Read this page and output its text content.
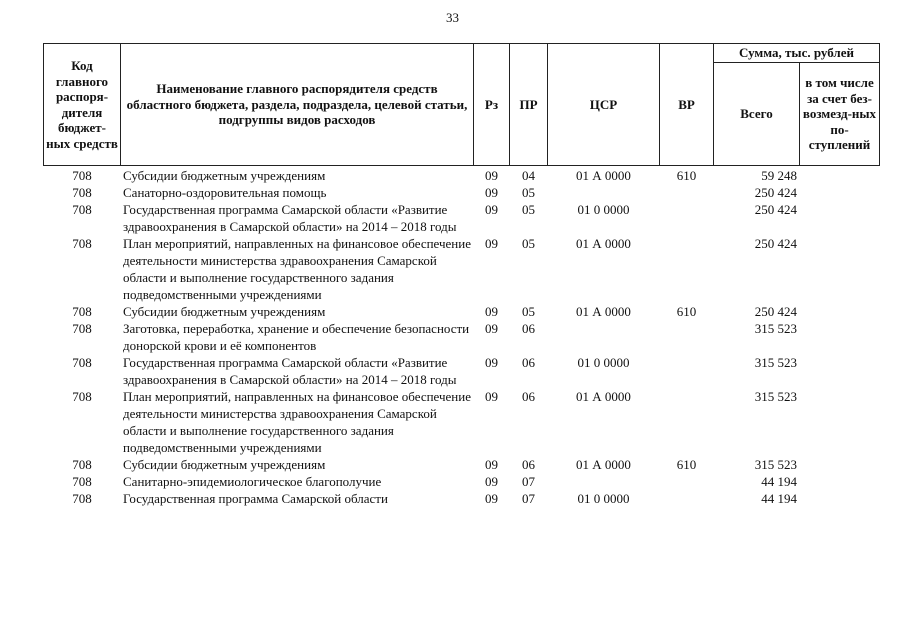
33
Код главного распоря-дителя бюджет-ных средств	Наименование главного распорядителя средств областного бюджета, раздела, подраздела, целевой статьи, подгруппы видов расходов	Рз	ПР	ЦСР	ВР	Сумма, тыс. рублей	
						Всего	в том числе за счет без-возмезд-ных по-ступлений
708	Субсидии бюджетным учреждениям	09	04	01 А 0000	610	59 248	
708	Санаторно-оздоровительная помощь	09	05			250 424	
708	Государственная программа Самарской области «Развитие здравоохранения в Самарской области» на 2014 – 2018 годы	09	05	01 0 0000		250 424	
708	План мероприятий, направленных на финансовое обеспечение деятельности министерства здравоохранения Самарской области и выполнение государственного задания подведомственными учреждениями	09	05	01 А 0000		250 424	
708	Субсидии бюджетным учреждениям	09	05	01 А 0000	610	250 424	
708	Заготовка, переработка, хранение и обеспечение безопасности донорской крови и её компонентов	09	06			315 523	
708	Государственная программа Самарской области «Развитие здравоохранения в Самарской области» на 2014 – 2018 годы	09	06	01 0 0000		315 523	
708	План мероприятий, направленных на финансовое обеспечение деятельности министерства здравоохранения Самарской области и выполнение государственного задания подведомственными учреждениями	09	06	01 А 0000		315 523	
708	Субсидии бюджетным учреждениям	09	06	01 А 0000	610	315 523	
708	Санитарно-эпидемиологическое благополучие	09	07			44 194	
708	Государственная программа Самарской области	09	07	01 0 0000		44 194	
